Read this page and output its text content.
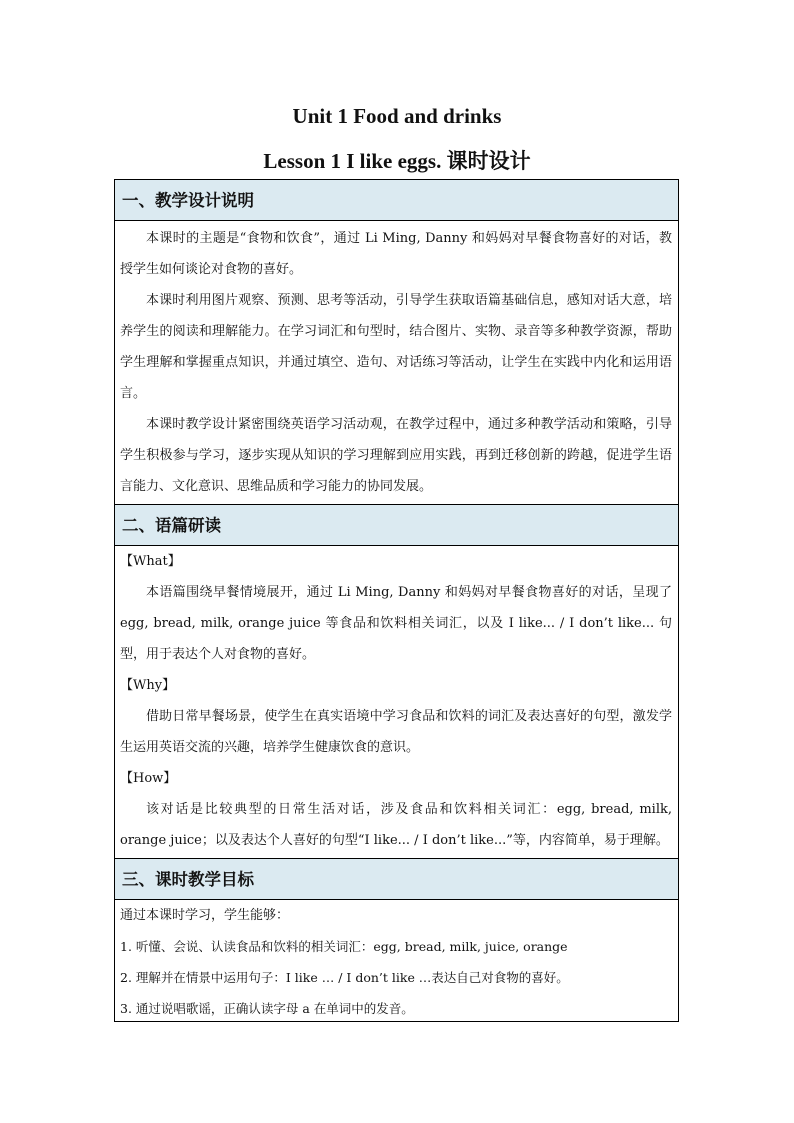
Unit 1 Food and drinks
Lesson 1 I like eggs. 课时设计
一、教学设计说明

本课时的主题是“食物和饮食”，通过 Li Ming, Danny 和妈妈对早餐食物喜好的对话，教授学生如何谈论对食物的喜好。

本课时利用图片观察、预测、思考等活动，引导学生获取语篇基础信息，感知对话大意，培养学生的阅读和理解能力。在学习词汇和句型时，结合图片、实物、录音等多种教学资源，帮助学生理解和掌握重点知识，并通过填空、造句、对话练习等活动，让学生在实践中内化和运用语言。

本课时教学设计紧密围绕英语学习活动观，在教学过程中，通过多种教学活动和策略，引导学生积极参与学习，逐步实现从知识的学习理解到应用实践，再到迁移创新的跨越，促进学生语言能力、文化意识、思维品质和学习能力的协同发展。

二、语篇研读

【What】

本语篇围绕早餐情境展开，通过 Li Ming, Danny 和妈妈对早餐食物喜好的对话，呈现了 egg, bread, milk, orange juice 等食品和饮料相关词汇，以及 I like... / I don’t like... 句型，用于表达个人对食物的喜好。

【Why】

借助日常早餐场景，使学生在真实语境中学习食品和饮料的词汇及表达喜好的句型，激发学生运用英语交流的兴趣，培养学生健康饮食的意识。

【How】

该对话是比较典型的日常生活对话，涉及食品和饮料相关词汇：egg, bread, milk, orange juice；以及表达个人喜好的句型“I like... / I don’t like...”等，内容简单，易于理解。

三、课时教学目标

通过本课时学习，学生能够：

1. 听懂、会说、认读食品和饮料的相关词汇：egg, bread, milk, juice, orange

2. 理解并在情景中运用句子：I like … / I don’t like …表达自己对食物的喜好。

3. 通过说唱歌谣，正确认读字母 a 在单词中的发音。
